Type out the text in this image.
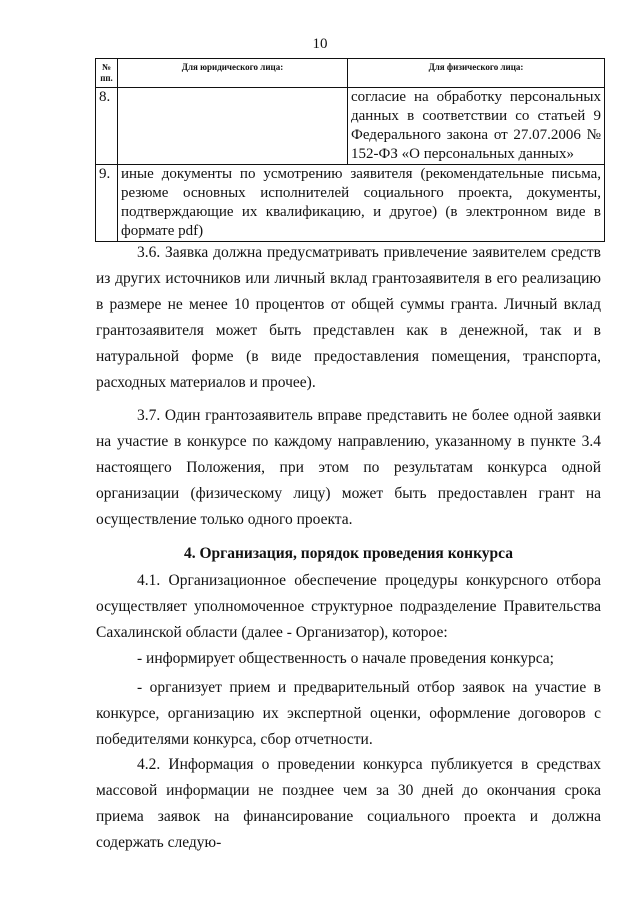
10
№ пп.	Для юридического лица:	Для физического лица:
8.		согласие на обработку персональных данных в соответствии со статьей 9 Федерального закона от 27.07.2006 № 152-ФЗ «О персональных данных»
9.	иные документы по усмотрению заявителя (рекомендательные письма, резюме основных исполнителей социального проекта, документы, подтверждающие их квалификацию, и другое) (в электронном виде в формате pdf)	

3.6. Заявка должна предусматривать привлечение заявителем средств из других источников или личный вклад грантозаявителя в его реализацию в размере не менее 10 процентов от общей суммы гранта. Личный вклад грантозаявителя может быть представлен как в денежной, так и в натуральной форме (в виде предоставления помещения, транспорта, расходных материалов и прочее).

3.7. Один грантозаявитель вправе представить не более одной заявки на участие в конкурсе по каждому направлению, указанному в пункте 3.4 настоящего Положения, при этом по результатам конкурса одной организации (физическому лицу) может быть предоставлен грант на осуществление только одного проекта.

4. Организация, порядок проведения конкурса

4.1. Организационное обеспечение процедуры конкурсного отбора осуществляет уполномоченное структурное подразделение Правительства Сахалинской области (далее - Организатор), которое:

- информирует общественность о начале проведения конкурса;

- организует прием и предварительный отбор заявок на участие в конкурсе, организацию их экспертной оценки, оформление договоров с победителями конкурса, сбор отчетности.

4.2. Информация о проведении конкурса публикуется в средствах массовой информации не позднее чем за 30 дней до окончания срока приема заявок на финансирование социального проекта и должна содержать следую-
